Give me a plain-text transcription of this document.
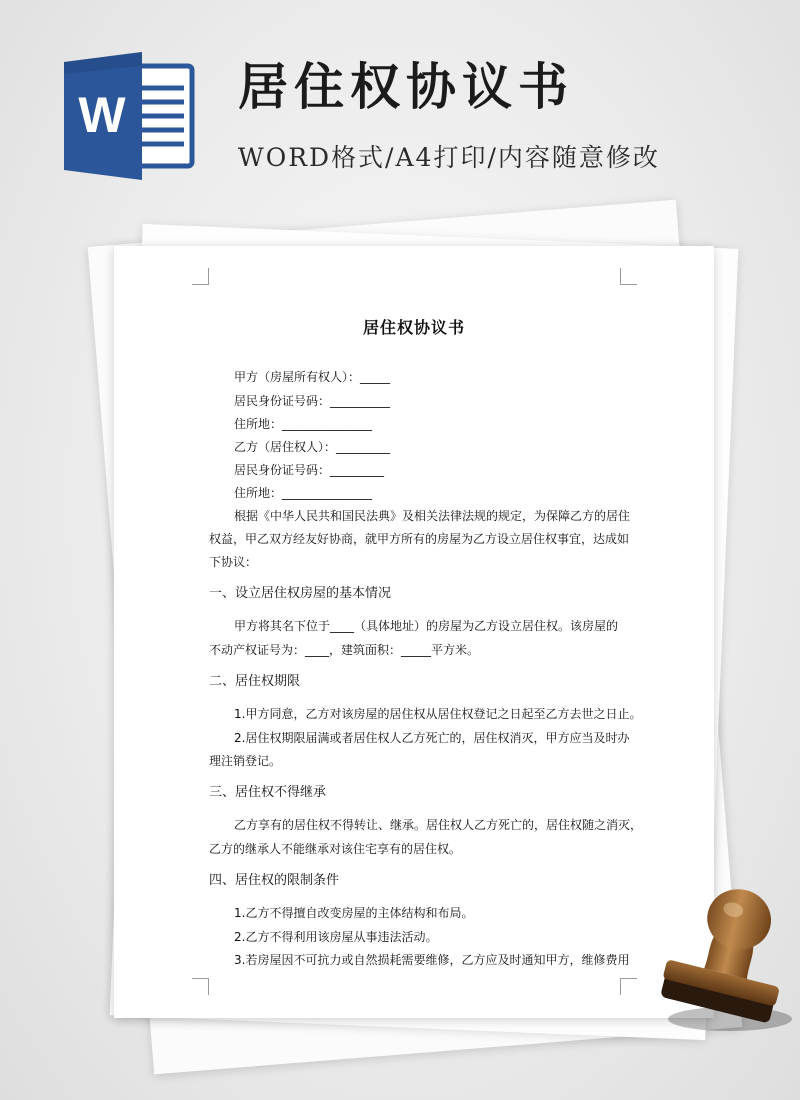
W 居住权协议书
WORD格式/A4打印/内容随意修改
居住权协议书
甲方（房屋所有权人）：_____
居民身份证号码：__________
住所地：_______________
乙方（居住权人）：_________
居民身份证号码：_________
住所地：_______________
根据《中华人民共和国民法典》及相关法律法规的规定，为保障乙方的居住
权益，甲乙双方经友好协商，就甲方所有的房屋为乙方设立居住权事宜，达成如
下协议：
一、设立居住权房屋的基本情况
甲方将其名下位于____（具体地址）的房屋为乙方设立居住权。该房屋的
不动产权证号为：____，建筑面积：_____平方米。
二、居住权期限
1.甲方同意，乙方对该房屋的居住权从居住权登记之日起至乙方去世之日止。
2.居住权期限届满或者居住权人乙方死亡的，居住权消灭，甲方应当及时办
理注销登记。
三、居住权不得继承
乙方享有的居住权不得转让、继承。居住权人乙方死亡的，居住权随之消灭，
乙方的继承人不能继承对该住宅享有的居住权。
四、居住权的限制条件
1.乙方不得擅自改变房屋的主体结构和布局。
2.乙方不得利用该房屋从事违法活动。
3.若房屋因不可抗力或自然损耗需要维修，乙方应及时通知甲方，维修费用
